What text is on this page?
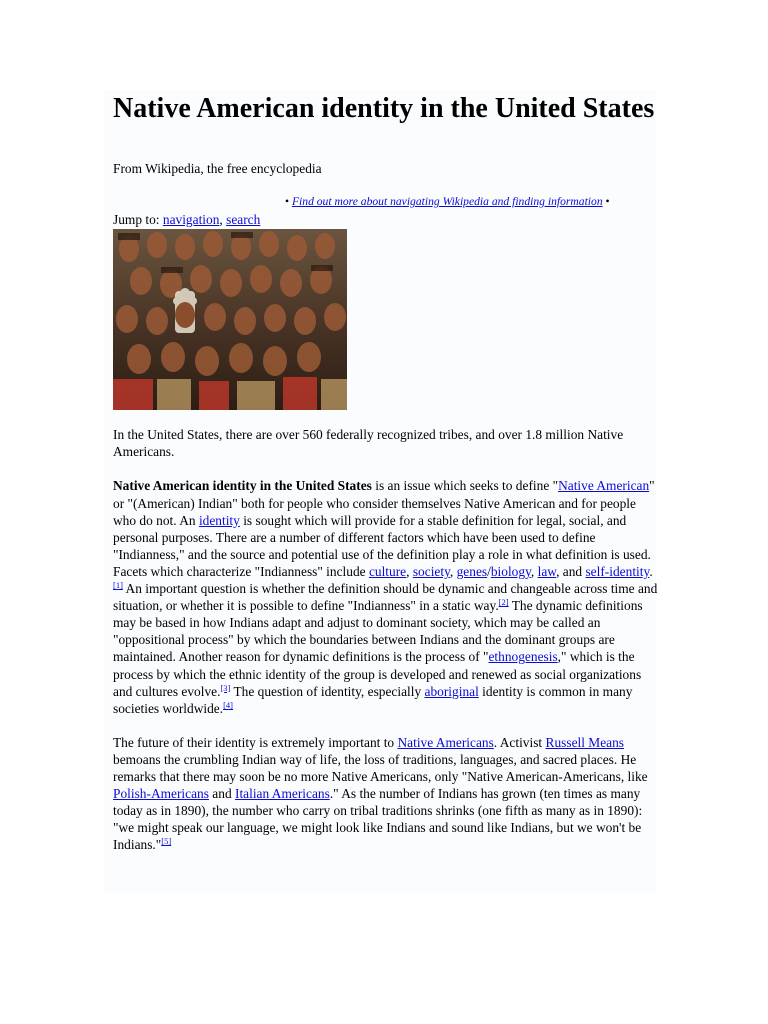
Native American identity in the United States
From Wikipedia, the free encyclopedia
• Find out more about navigating Wikipedia and finding information •
Jump to: navigation, search

In the United States, there are over 560 federally recognized tribes, and over 1.8 million Native Americans.

Native American identity in the United States is an issue which seeks to define "Native American" or "(American) Indian" both for people who consider themselves Native American and for people who do not. An identity is sought which will provide for a stable definition for legal, social, and personal purposes. There are a number of different factors which have been used to define "Indianness," and the source and potential use of the definition play a role in what definition is used. Facets which characterize "Indianness" include culture, society, genes/biology, law, and self-identity.[1] An important question is whether the definition should be dynamic and changeable across time and situation, or whether it is possible to define "Indianness" in a static way.[2] The dynamic definitions may be based in how Indians adapt and adjust to dominant society, which may be called an "oppositional process" by which the boundaries between Indians and the dominant groups are maintained. Another reason for dynamic definitions is the process of "ethnogenesis," which is the process by which the ethnic identity of the group is developed and renewed as social organizations and cultures evolve.[3] The question of identity, especially aboriginal identity is common in many societies worldwide.[4]

The future of their identity is extremely important to Native Americans. Activist Russell Means bemoans the crumbling Indian way of life, the loss of traditions, languages, and sacred places. He remarks that there may soon be no more Native Americans, only "Native American-Americans, like Polish-Americans and Italian Americans." As the number of Indians has grown (ten times as many today as in 1890), the number who carry on tribal traditions shrinks (one fifth as many as in 1890): "we might speak our language, we might look like Indians and sound like Indians, but we won't be Indians."[5]
